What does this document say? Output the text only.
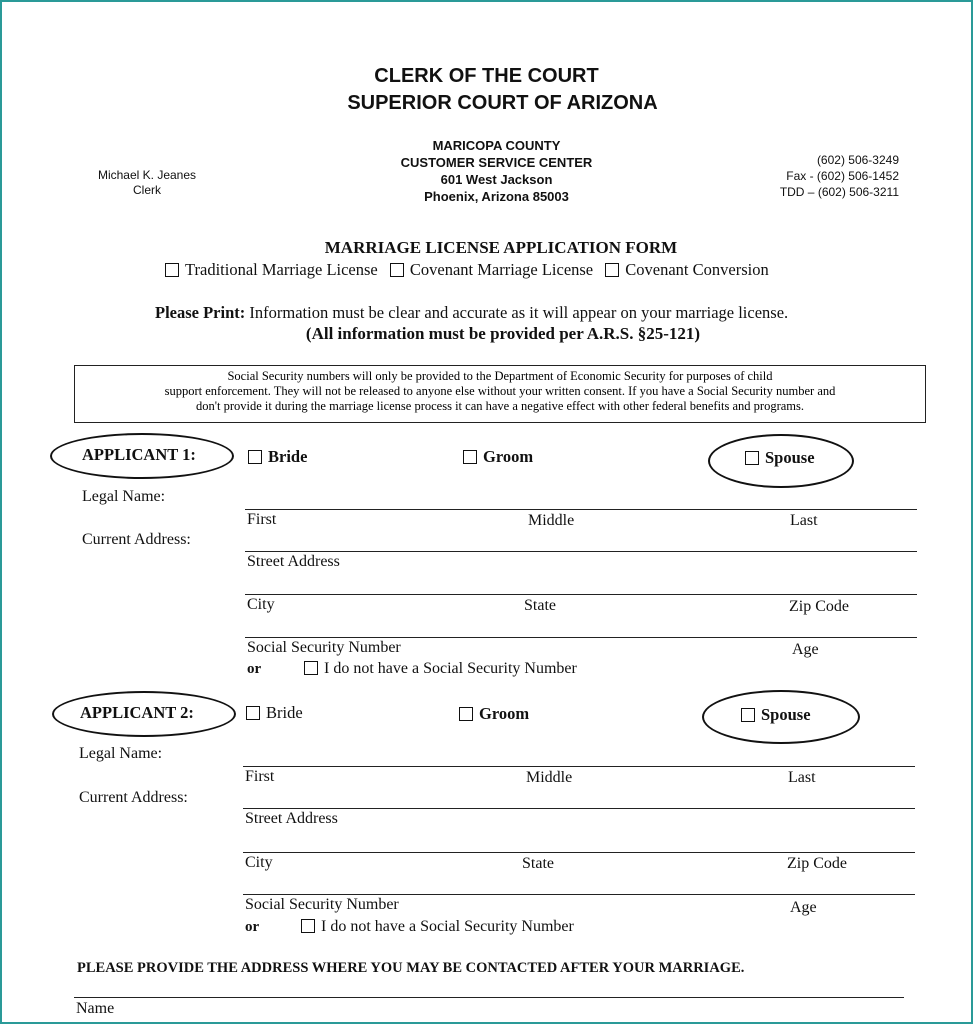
CLERK OF THE COURT
SUPERIOR COURT OF ARIZONA
MARICOPA COUNTY
CUSTOMER SERVICE CENTER
601 West Jackson
Phoenix, Arizona 85003
Michael K. Jeanes
Clerk
(602) 506-3249
Fax - (602) 506-1452
TDD – (602) 506-3211
MARRIAGE LICENSE APPLICATION FORM
Traditional Marriage License Covenant Marriage License Covenant Conversion
Please Print: Information must be clear and accurate as it will appear on your marriage license.
(All information must be provided per A.R.S. §25-121)
Social Security numbers will only be provided to the Department of Economic Security for purposes of child
support enforcement. They will not be released to anyone else without your written consent. If you have a Social Security number and
don't provide it during the marriage license process it can have a negative effect with other federal benefits and programs.
APPLICANT 1:	Bride	Groom	Spouse
Legal Name:
First	Middle	Last
Current Address:
Street Address
City	State	Zip Code
Social Security Number	Age
or	I do not have a Social Security Number
APPLICANT 2:	Bride	Groom	Spouse
Legal Name:
First	Middle	Last
Current Address:
Street Address
City	State	Zip Code
Social Security Number	Age
or	I do not have a Social Security Number
PLEASE PROVIDE THE ADDRESS WHERE YOU MAY BE CONTACTED AFTER YOUR MARRIAGE.
Name
